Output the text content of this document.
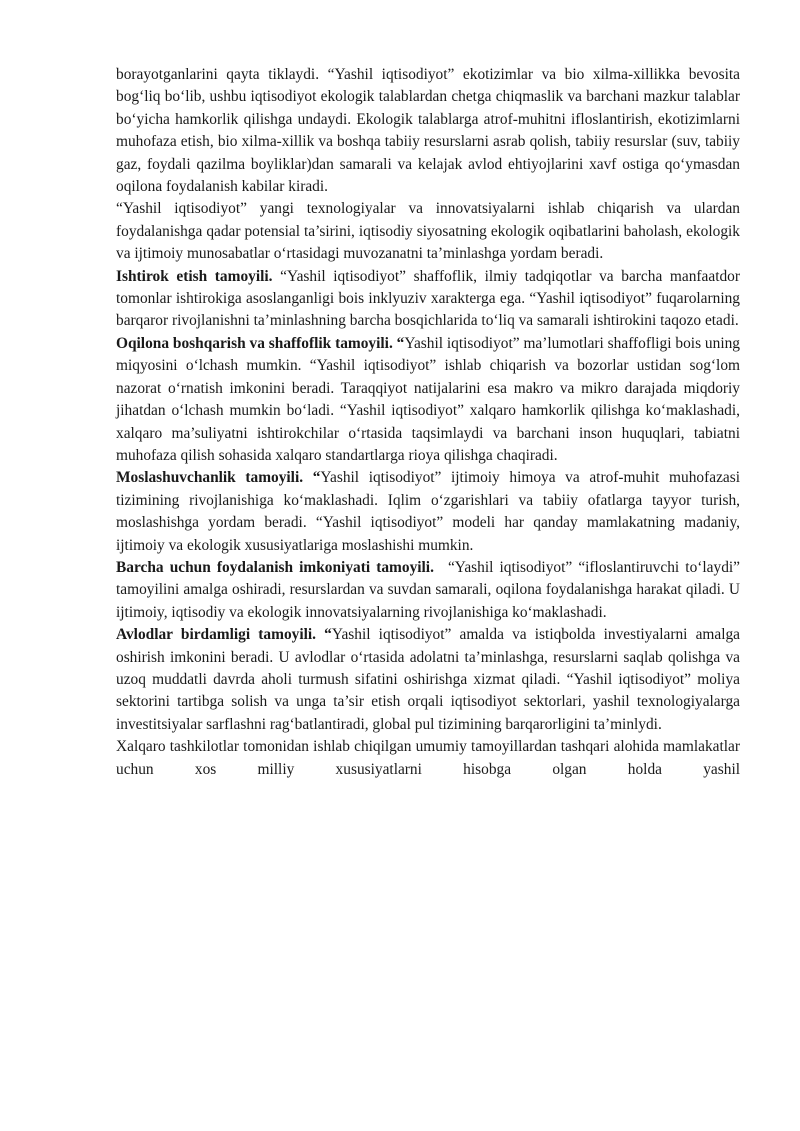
borayotganlarini qayta tiklaydi. “Yashil iqtisodiyot” ekotizimlar va bio xilma-xillikka bevosita bog‘liq bo‘lib, ushbu iqtisodiyot ekologik talablardan chetga chiqmaslik va barchani mazkur talablar bo‘yicha hamkorlik qilishga undaydi. Ekologik talablarga atrof-muhitni ifloslantirish, ekotizimlarni muhofaza etish, bio xilma-xillik va boshqa tabiiy resurslarni asrab qolish, tabiiy resurslar (suv, tabiiy gaz, foydali qazilma boyliklar)dan samarali va kelajak avlod ehtiyojlarini xavf ostiga qo‘ymasdan oqilona foydalanish kabilar kiradi.

“Yashil iqtisodiyot” yangi texnologiyalar va innovatsiyalarni ishlab chiqarish va ulardan foydalanishga qadar potensial ta’sirini, iqtisodiy siyosatning ekologik oqibatlarini baholash, ekologik va ijtimoiy munosabatlar o‘rtasidagi muvozanatni ta’minlashga yordam beradi.

Ishtirok etish tamoyili. “Yashil iqtisodiyot” shaffoflik, ilmiy tadqiqotlar va barcha manfaatdor tomonlar ishtirokiga asoslanganligi bois inklyuziv xarakterga ega. “Yashil iqtisodiyot” fuqarolarning barqaror rivojlanishni ta’minlashning barcha bosqichlarida to‘liq va samarali ishtirokini taqozo etadi.

Oqilona boshqarish va shaffoflik tamoyili. “Yashil iqtisodiyot” ma’lumotlari shaffofligi bois uning miqyosini o‘lchash mumkin. “Yashil iqtisodiyot” ishlab chiqarish va bozorlar ustidan sog‘lom nazorat o‘rnatish imkonini beradi. Taraqqiyot natijalarini esa makro va mikro darajada miqdoriy jihatdan o‘lchash mumkin bo‘ladi. “Yashil iqtisodiyot” xalqaro hamkorlik qilishga ko‘maklashadi, xalqaro ma’suliyatni ishtirokchilar o‘rtasida taqsimlaydi va barchani inson huquqlari, tabiatni muhofaza qilish sohasida xalqaro standartlarga rioya qilishga chaqiradi.

Moslashuvchanlik tamoyili. “Yashil iqtisodiyot” ijtimoiy himoya va atrof-muhit muhofazasi tizimining rivojlanishiga ko‘maklashadi. Iqlim o‘zgarishlari va tabiiy ofatlarga tayyor turish, moslashishga yordam beradi. “Yashil iqtisodiyot” modeli har qanday mamlakatning madaniy, ijtimoiy va ekologik xususiyatlariga moslashishi mumkin.

Barcha uchun foydalanish imkoniyati tamoyili. “Yashil iqtisodiyot” “ifloslantiruvchi to‘laydi” tamoyilini amalga oshiradi, resurslardan va suvdan samarali, oqilona foydalanishga harakat qiladi. U ijtimoiy, iqtisodiy va ekologik innovatsiyalarning rivojlanishiga ko‘maklashadi.

Avlodlar birdamligi tamoyili. “Yashil iqtisodiyot” amalda va istiqbolda investiyalarni amalga oshirish imkonini beradi. U avlodlar o‘rtasida adolatni ta’minlashga, resurslarni saqlab qolishga va uzoq muddatli davrda aholi turmush sifatini oshirishga xizmat qiladi. “Yashil iqtisodiyot” moliya sektorini tartibga solish va unga ta’sir etish orqali iqtisodiyot sektorlari, yashil texnologiyalarga investitsiyalar sarflashni rag‘batlantiradi, global pul tizimining barqarorligini ta’minlydi.

Xalqaro tashkilotlar tomonidan ishlab chiqilgan umumiy tamoyillardan tashqari alohida mamlakatlar uchun xos milliy xususiyatlarni hisobga olgan holda yashil
